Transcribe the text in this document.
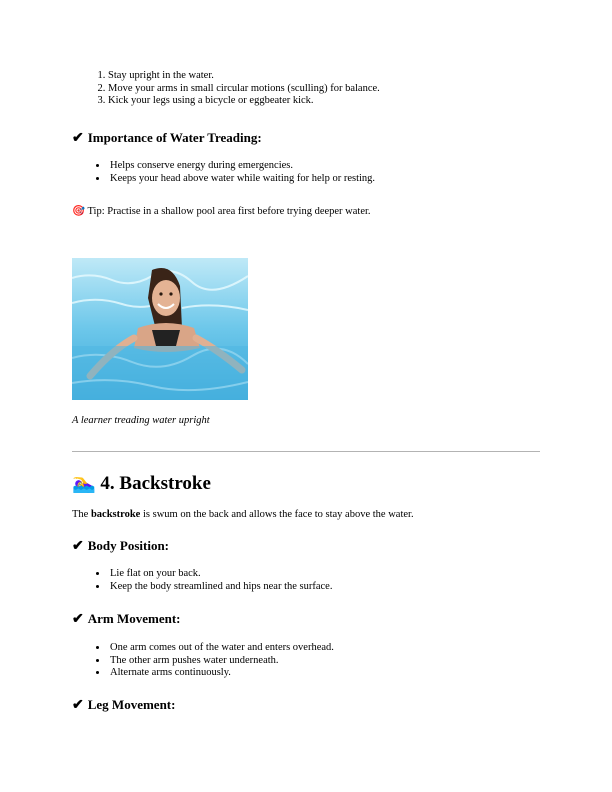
1. Stay upright in the water.
2. Move your arms in small circular motions (sculling) for balance.
3. Kick your legs using a bicycle or eggbeater kick.

✔ Importance of Water Treading:

• Helps conserve energy during emergencies.
• Keeps your head above water while waiting for help or resting.

🎯 Tip: Practise in a shallow pool area first before trying deeper water.

A learner treading water upright

🏊‍♀️ 4. Backstroke

The backstroke is swum on the back and allows the face to stay above the water.

✔ Body Position:

• Lie flat on your back.
• Keep the body streamlined and hips near the surface.

✔ Arm Movement:

• One arm comes out of the water and enters overhead.
• The other arm pushes water underneath.
• Alternate arms continuously.

✔ Leg Movement:
